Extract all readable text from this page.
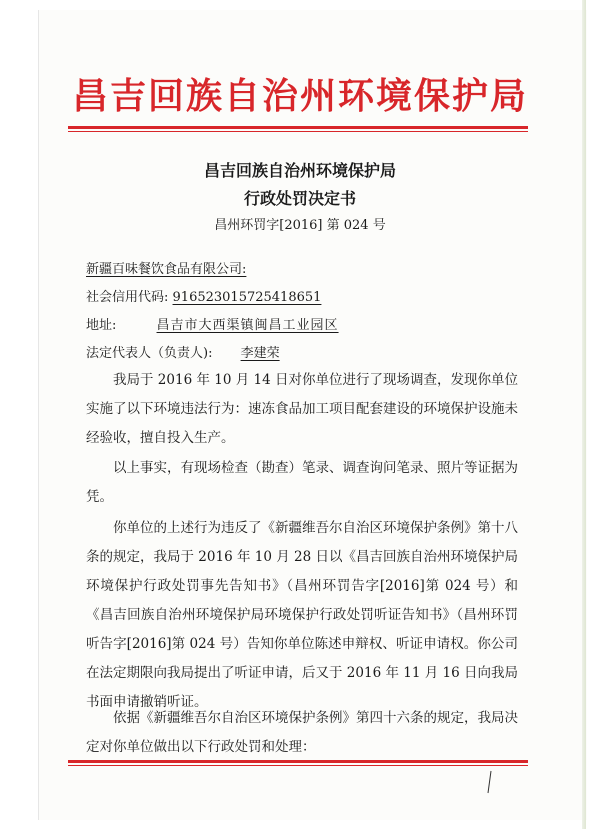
昌吉回族自治州环境保护局
昌吉回族自治州环境保护局
行政处罚决定书
昌州环罚字[2016] 第 024 号
新疆百味餐饮食品有限公司:
社会信用代码: 916523015725418651
地址:	昌吉市大西渠镇闽昌工业园区
法定代表人（负责人): 李建荣
我局于 2016 年 10 月 14 日对你单位进行了现场调查，发现你单位实施了以下环境违法行为：速冻食品加工项目配套建设的环境保护设施未经验收，擅自投入生产。
以上事实，有现场检查（勘查）笔录、调查询问笔录、照片等证据为凭。
你单位的上述行为违反了《新疆维吾尔自治区环境保护条例》第十八条的规定，我局于 2016 年 10 月 28 日以《昌吉回族自治州环境保护局环境保护行政处罚事先告知书》（昌州环罚告字[2016]第 024 号）和《昌吉回族自治州环境保护局环境保护行政处罚听证告知书》（昌州环罚听告字[2016]第 024 号）告知你单位陈述申辩权、听证申请权。你公司在法定期限向我局提出了听证申请，后又于 2016 年 11 月 16 日向我局书面申请撤销听证。
依据《新疆维吾尔自治区环境保护条例》第四十六条的规定，我局决定对你单位做出以下行政处罚和处理：
